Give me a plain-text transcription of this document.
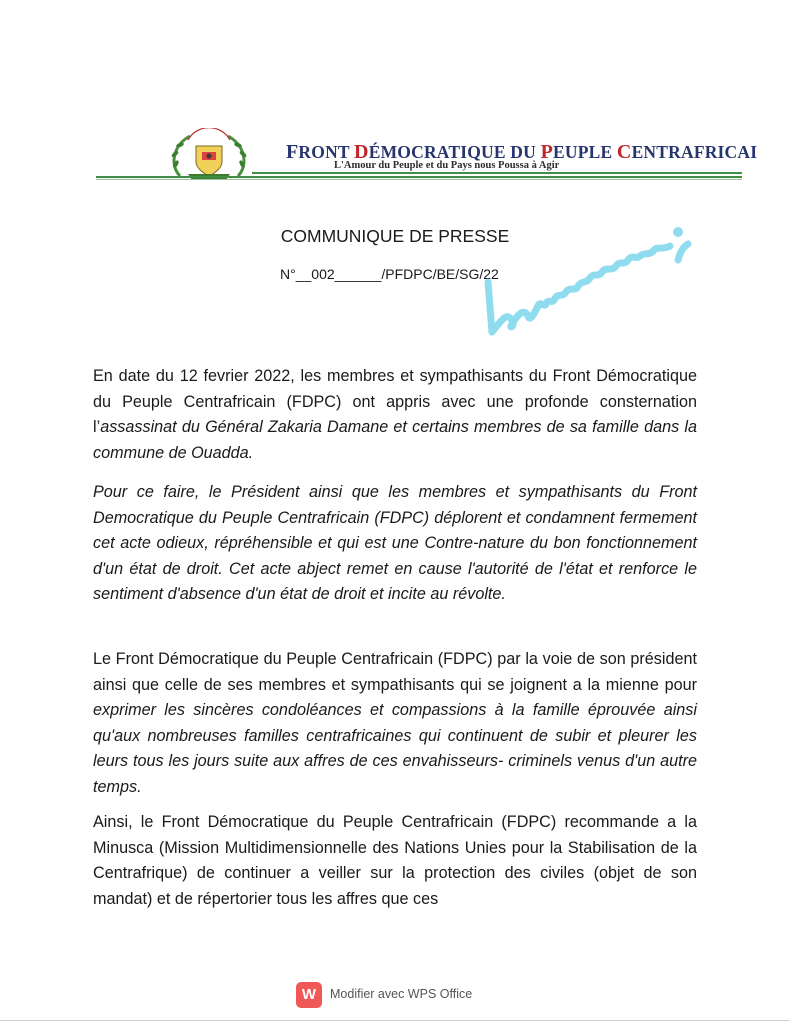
FRONT DÉMOCRATIQUE DU PEUPLE CENTRAFRICAI
L'Amour du Peuple et du Pays nous Poussa à Agir
COMMUNIQUE DE PRESSE
N°__002______/PFDPC/BE/SG/22

En date du 12 fevrier 2022, les membres et sympathisants du Front Démocratique du Peuple Centrafricain (FDPC) ont appris avec une profonde consternation l’assassinat du Général Zakaria Damane et certains membres de sa famille dans la commune de Ouadda.

Pour ce faire, le Président ainsi que les membres et sympathisants du Front Democratique du Peuple Centrafricain (FDPC) déplorent et condamnent fermement cet acte odieux, répréhensible et qui est une Contre-nature du bon fonctionnement d'un état de droit. Cet acte abject remet en cause l'autorité de l'état et renforce le sentiment d'absence d'un état de droit et incite au révolte.

Le Front Démocratique du Peuple Centrafricain (FDPC) par la voie de son président ainsi que celle de ses membres et sympathisants qui se joignent a la mienne pour exprimer les sincères condoléances et compassions à la famille éprouvée ainsi qu'aux nombreuses familles centrafricaines qui continuent de subir et pleurer les leurs tous les jours suite aux affres de ces envahisseurs- criminels venus d'un autre temps.

Ainsi, le Front Démocratique du Peuple Centrafricain (FDPC) recommande a la Minusca (Mission Multidimensionnelle des Nations Unies pour la Stabilisation de la Centrafrique) de continuer a veiller sur la protection des civiles (objet de son mandat) et de répertorier tous les affres que ces

W	Modifier avec WPS Office
